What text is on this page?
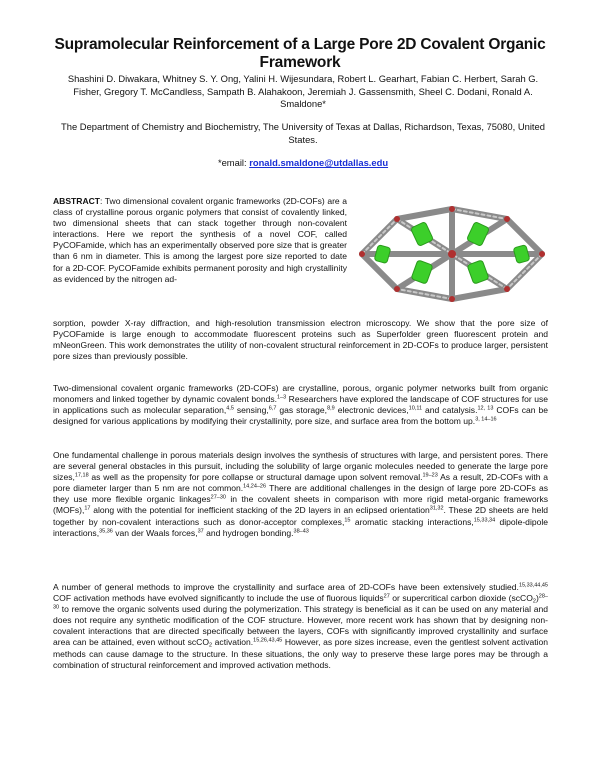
Supramolecular Reinforcement of a Large Pore 2D Covalent Organic Framework
Shashini D. Diwakara, Whitney S. Y. Ong, Yalini H. Wijesundara, Robert L. Gearhart, Fabian C. Herbert, Sarah G. Fisher, Gregory T. McCandless, Sampath B. Alahakoon, Jeremiah J. Gassensmith, Sheel C. Dodani, Ronald A. Smaldone*
The Department of Chemistry and Biochemistry, The University of Texas at Dallas, Richardson, Texas, 75080, United States.
*email: ronald.smaldone@utdallas.edu

ABSTRACT: Two dimensional covalent organic frameworks (2D-COFs) are a class of crystalline porous organic polymers that consist of covalently linked, two dimensional sheets that can stack together through non-covalent interactions. Here we report the synthesis of a novel COF, called PyCOFamide, which has an experimentally observed pore size that is greater than 6 nm in diameter. This is among the largest pore size reported to date for a 2D-COF. PyCOFamide exhibits permanent porosity and high crystallinity as evidenced by the nitrogen ad-

sorption, powder X-ray diffraction, and high-resolution transmission electron microscopy. We show that the pore size of PyCOFamide is large enough to accommodate fluorescent proteins such as Superfolder green fluorescent protein and mNeonGreen. This work demonstrates the utility of non-covalent structural reinforcement in 2D-COFs to produce larger, persistent pore sizes than previously possible.

Two-dimensional covalent organic frameworks (2D-COFs) are crystalline, porous, organic polymer networks built from organic monomers and linked together by dynamic covalent bonds.$^{1-3}$ Researchers have explored the landscape of COF structures for use in applications such as molecular separation,$^{4,5}$ sensing,$^{6,7}$ gas storage,$^{8,9}$ electronic devices,$^{10,11}$ and catalysis.$^{12, 13}$ COFs can be designed for various applications by modifying their crystallinity, pore size, and surface area from the bottom up.$^{3, 14-16}$

One fundamental challenge in porous materials design involves the synthesis of structures with large, and persistent pores. There are several general obstacles in this pursuit, including the solubility of large organic molecules needed to generate the large pore sizes,$^{17,18}$ as well as the propensity for pore collapse or structural damage upon solvent removal.$^{19-23}$ As a result, 2D-COFs with a pore diameter larger than 5 nm are not common.$^{14,24-26}$ There are additional challenges in the design of large pore 2D-COFs as they use more flexible organic linkages$^{27-30}$ in the covalent sheets in comparison with more rigid metal-organic frameworks (MOFs),$^{17}$ along with the potential for inefficient stacking of the 2D layers in an eclipsed orientation$^{31,32}$. These 2D sheets are held together by non-covalent interactions such as donor-acceptor complexes,$^{15}$ aromatic stacking interactions,$^{15,33,34}$ dipole-dipole interactions,$^{35,36}$ van der Waals forces,$^{37}$ and hydrogen bonding.$^{38-43}$

A number of general methods to improve the crystallinity and surface area of 2D-COFs have been extensively studied.$^{15,33,44,45}$ COF activation methods have evolved significantly to include the use of fluorous liquids$^{27}$ or supercritical carbon dioxide (scCO$_2$)$^{28-30}$ to remove the organic solvents used during the polymerization. This strategy is beneficial as it can be used on any material and does not require any synthetic modification of the COF structure. However, more recent work has shown that by designing non-covalent interactions that are directed specifically between the layers, COFs with significantly improved crystallinity and surface area can be attained, even without scCO$_2$ activation.$^{15,26,43,45}$ However, as pore sizes increase, even the gentlest solvent activation methods can cause damage to the structure. In these situations, the only way to preserve these large pores may be through a combination of structural reinforcement and improved activation methods.
